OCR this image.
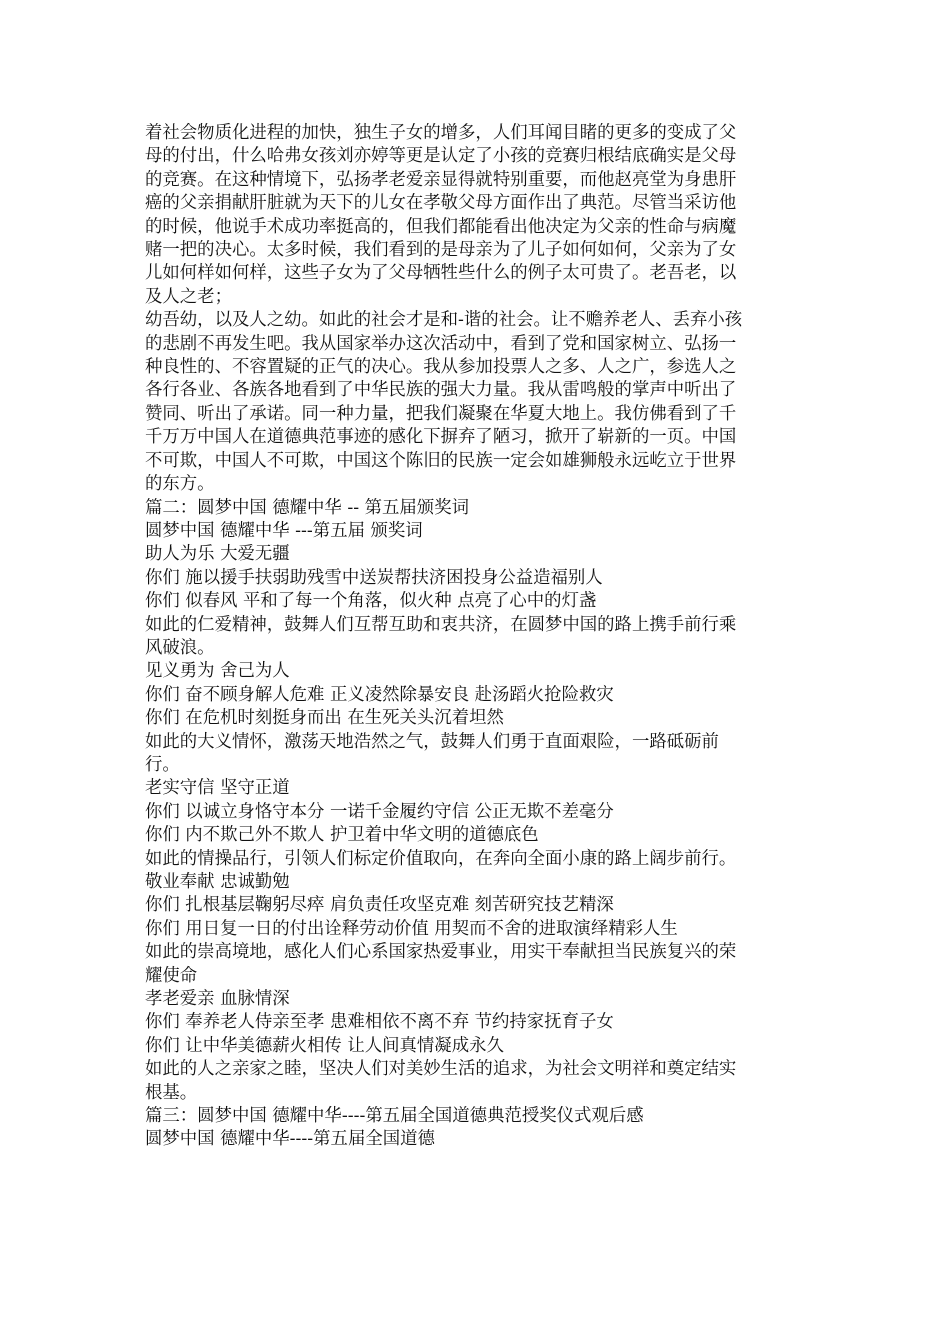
着社会物质化进程的加快，独生子女的增多，人们耳闻目睹的更多的变成了父
母的付出，什么哈弗女孩刘亦婷等更是认定了小孩的竞赛归根结底确实是父母
的竞赛。在这种情境下，弘扬孝老爱亲显得就特别重要，而他赵亮堂为身患肝
癌的父亲捐献肝脏就为天下的儿女在孝敬父母方面作出了典范。尽管当采访他
的时候，他说手术成功率挺高的，但我们都能看出他决定为父亲的性命与病魔
赌一把的决心。太多时候，我们看到的是母亲为了儿子如何如何，父亲为了女
儿如何样如何样，这些子女为了父母牺牲些什么的例子太可贵了。老吾老，以
及人之老；
幼吾幼，以及人之幼。如此的社会才是和-谐的社会。让不赡养老人、丢弃小孩
的悲剧不再发生吧。我从国家举办这次活动中，看到了党和国家树立、弘扬一
种良性的、不容置疑的正气的决心。我从参加投票人之多、人之广，参选人之
各行各业、各族各地看到了中华民族的强大力量。我从雷鸣般的掌声中听出了
赞同、听出了承诺。同一种力量，把我们凝聚在华夏大地上。我仿佛看到了千
千万万中国人在道德典范事迹的感化下摒弃了陋习，掀开了崭新的一页。中国
不可欺，中国人不可欺，中国这个陈旧的民族一定会如雄狮般永远屹立于世界
的东方。
篇二：圆梦中国 德耀中华 -- 第五届颁奖词
圆梦中国 德耀中华 ---第五届 颁奖词
助人为乐 大爱无疆
你们 施以援手扶弱助残雪中送炭帮扶济困投身公益造福别人
你们 似春风 平和了每一个角落，似火种 点亮了心中的灯盏
如此的仁爱精神，鼓舞人们互帮互助和衷共济，在圆梦中国的路上携手前行乘
风破浪。
见义勇为 舍己为人
你们 奋不顾身解人危难 正义凌然除暴安良 赴汤蹈火抢险救灾
你们 在危机时刻挺身而出 在生死关头沉着坦然
如此的大义情怀，激荡天地浩然之气，鼓舞人们勇于直面艰险，一路砥砺前
行。
老实守信 坚守正道
你们 以诚立身恪守本分 一诺千金履约守信 公正无欺不差毫分
你们 内不欺己外不欺人 护卫着中华文明的道德底色
如此的情操品行，引领人们标定价值取向，在奔向全面小康的路上阔步前行。
敬业奉献 忠诚勤勉
你们 扎根基层鞠躬尽瘁 肩负责任攻坚克难 刻苦研究技艺精深
你们 用日复一日的付出诠释劳动价值 用契而不舍的进取演绎精彩人生
如此的崇高境地，感化人们心系国家热爱事业，用实干奉献担当民族复兴的荣
耀使命
孝老爱亲 血脉情深
你们 奉养老人侍亲至孝 患难相依不离不弃 节约持家抚育子女
你们 让中华美德薪火相传 让人间真情凝成永久
如此的人之亲家之睦，坚决人们对美妙生活的追求，为社会文明祥和奠定结实
根基。
篇三：圆梦中国 德耀中华----第五届全国道德典范授奖仪式观后感
圆梦中国 德耀中华----第五届全国道德
